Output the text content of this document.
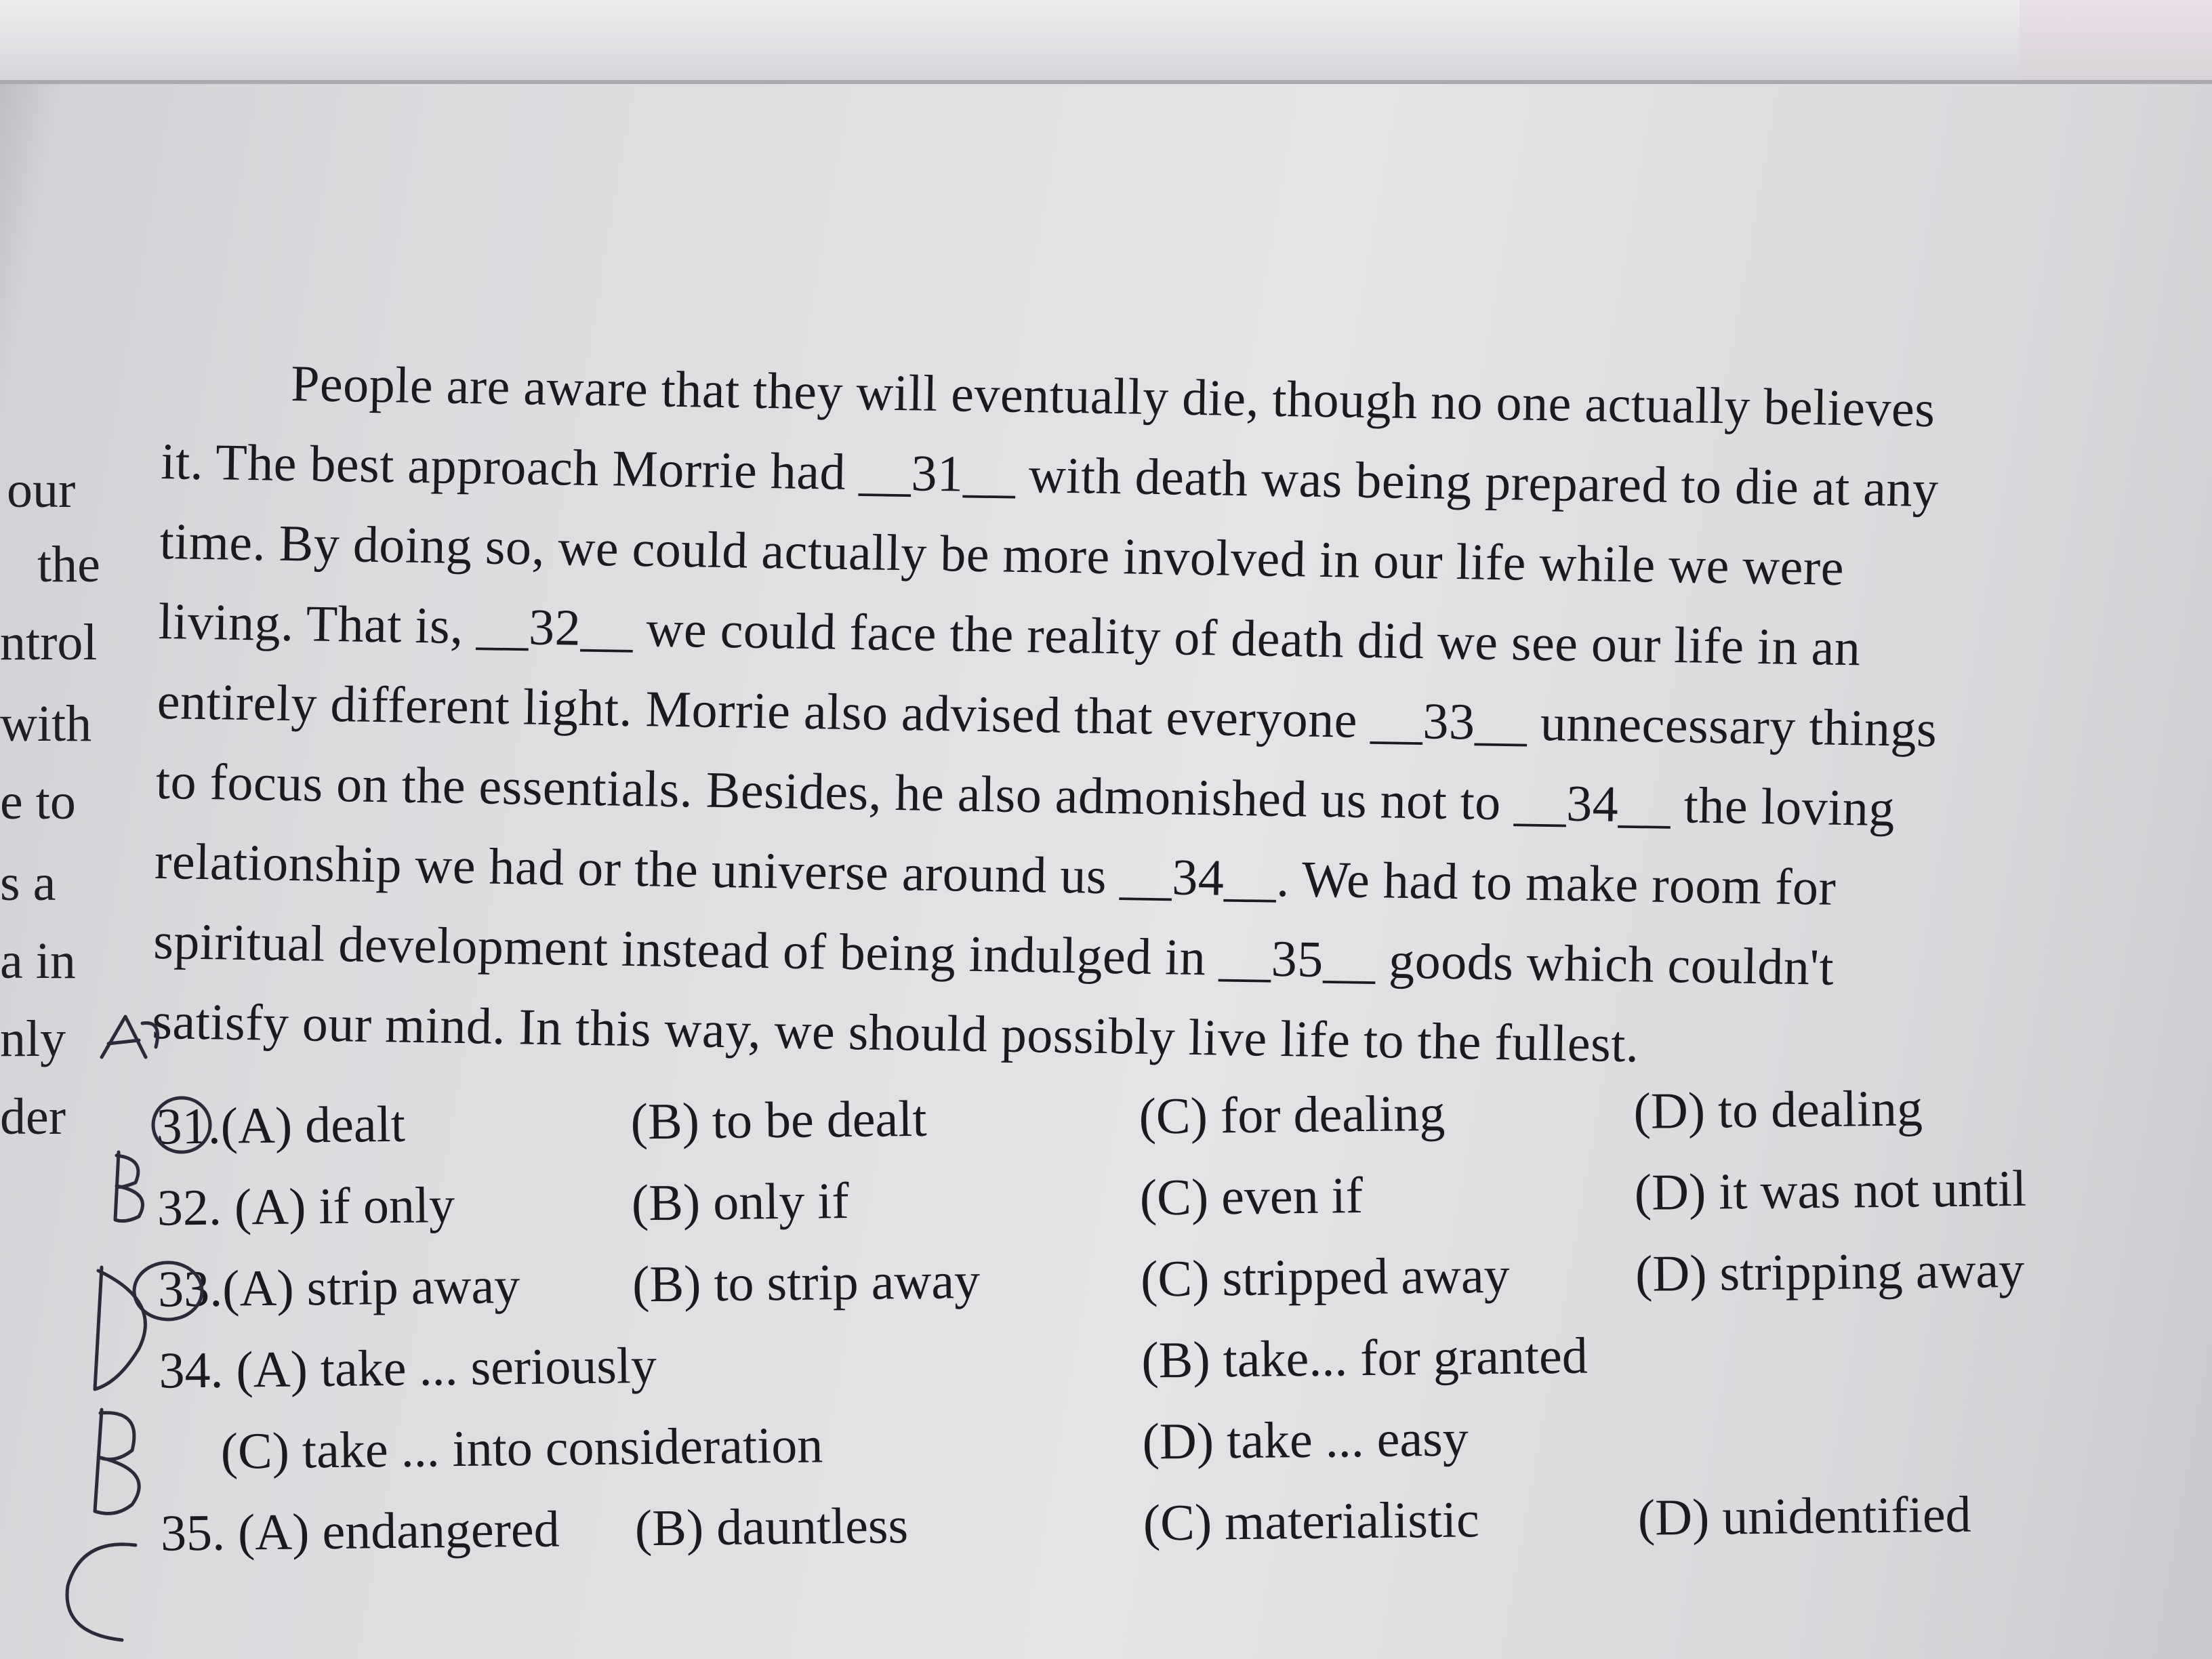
our
the
ntrol
with
e to
s a
a in
nly
der
People are aware that they will eventually die, though no one actually believes
it. The best approach Morrie had __31__ with death was being prepared to die at any
time. By doing so, we could actually be more involved in our life while we were
living. That is, __32__ we could face the reality of death did we see our life in an
entirely different light. Morrie also advised that everyone __33__ unnecessary things
to focus on the essentials. Besides, he also admonished us not to __34__ the loving
relationship we had or the universe around us __34__. We had to make room for
spiritual development instead of being indulged in __35__ goods which couldn't
satisfy our mind. In this way, we should possibly live life to the fullest.
31.(A) dealt	(B) to be dealt	(C) for dealing	(D) to dealing
32. (A) if only	(B) only if	(C) even if	(D) it was not until
33.(A) strip away (B) to strip away	(C) stripped away (D) stripping away
34. (A) take ... seriously	(B) take... for granted
(C) take ... into consideration	(D) take ... easy
35. (A) endangered (B) dauntless	(C) materialistic	(D) unidentified
